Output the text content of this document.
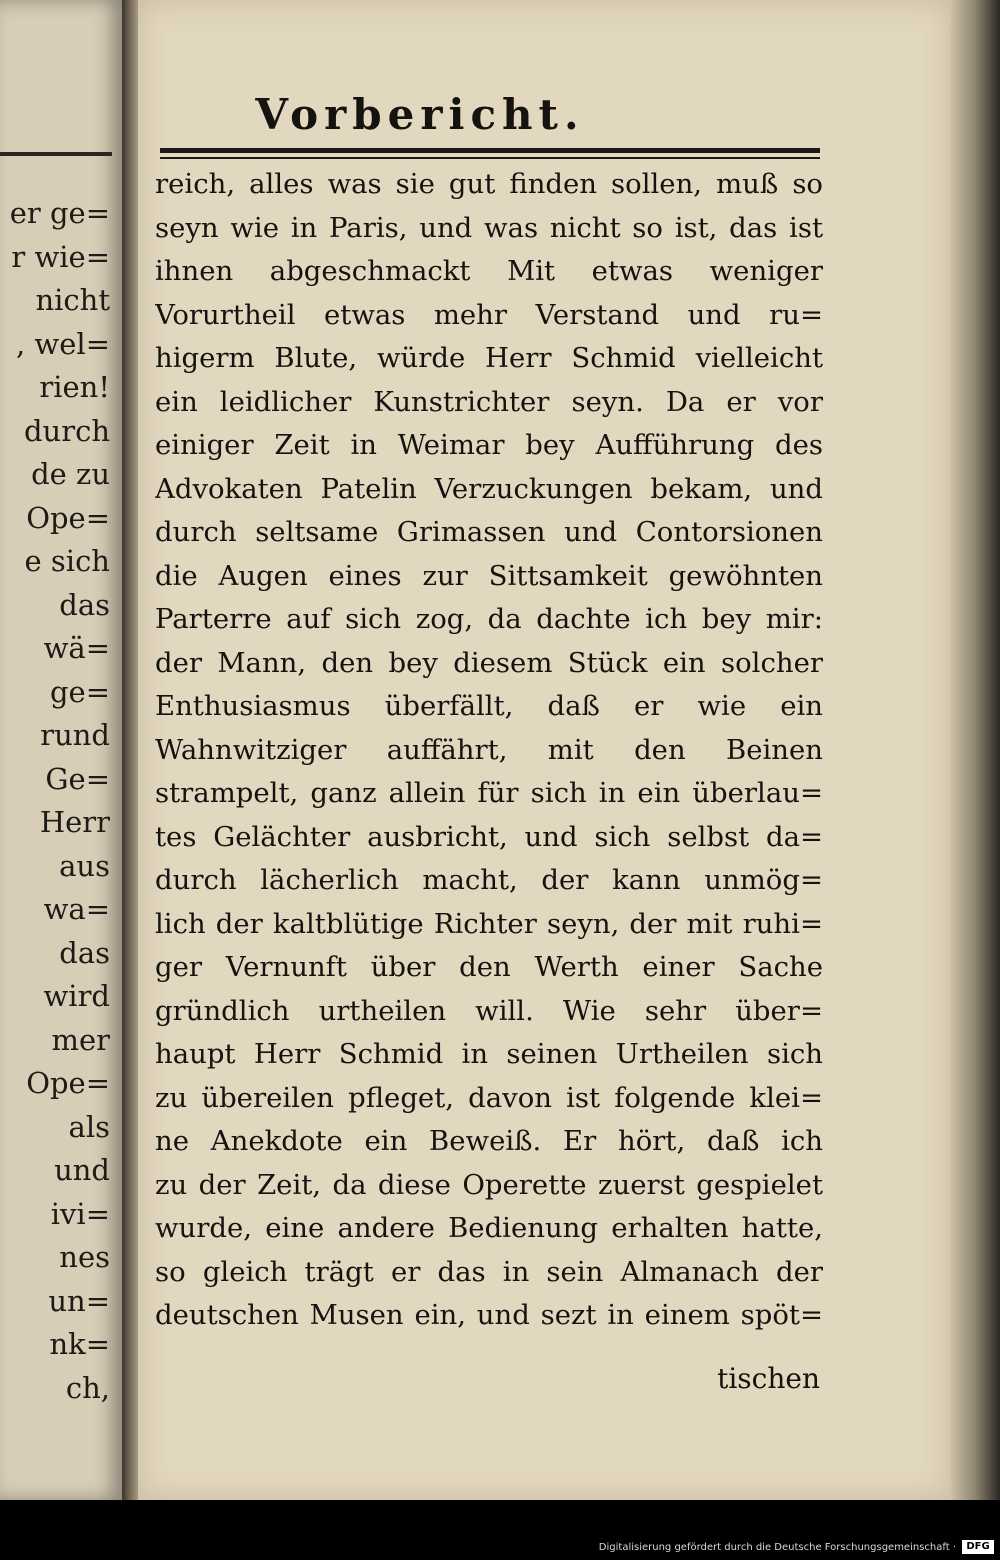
er ge=
r wie=
nicht
, wel=
rien!
durch
de zu
Ope=
e sich
das
wä=
ge=
rund
Ge=
Herr
aus
wa=
das
wird
mer
Ope=
als
und
ivi=
nes
un=
nk=
ch,
Vorbericht.
reich, alles was sie gut finden sollen, muß so
seyn wie in Paris, und was nicht so ist, das ist
ihnen abgeschmackt Mit etwas weniger
Vorurtheil etwas mehr Verstand und ru=
higerm Blute, würde Herr Schmid vielleicht
ein leidlicher Kunstrichter seyn. Da er vor
einiger Zeit in Weimar bey Aufführung des
Advokaten Patelin Verzuckungen bekam, und
durch seltsame Grimassen und Contorsionen
die Augen eines zur Sittsamkeit gewöhnten
Parterre auf sich zog, da dachte ich bey mir:
der Mann, den bey diesem Stück ein solcher
Enthusiasmus überfällt, daß er wie ein
Wahnwitziger auffährt, mit den Beinen
strampelt, ganz allein für sich in ein überlau=
tes Gelächter ausbricht, und sich selbst da=
durch lächerlich macht, der kann unmög=
lich der kaltblütige Richter seyn, der mit ruhi=
ger Vernunft über den Werth einer Sache
gründlich urtheilen will. Wie sehr über=
haupt Herr Schmid in seinen Urtheilen sich
zu übereilen pfleget, davon ist folgende klei=
ne Anekdote ein Beweiß. Er hört, daß ich
zu der Zeit, da diese Operette zuerst gespielet
wurde, eine andere Bedienung erhalten hatte,
so gleich trägt er das in sein Almanach der
deutschen Musen ein, und sezt in einem spöt=
tischen
Digitalisierung gefördert durch die Deutsche Forschungsgemeinschaft ·	DFG
